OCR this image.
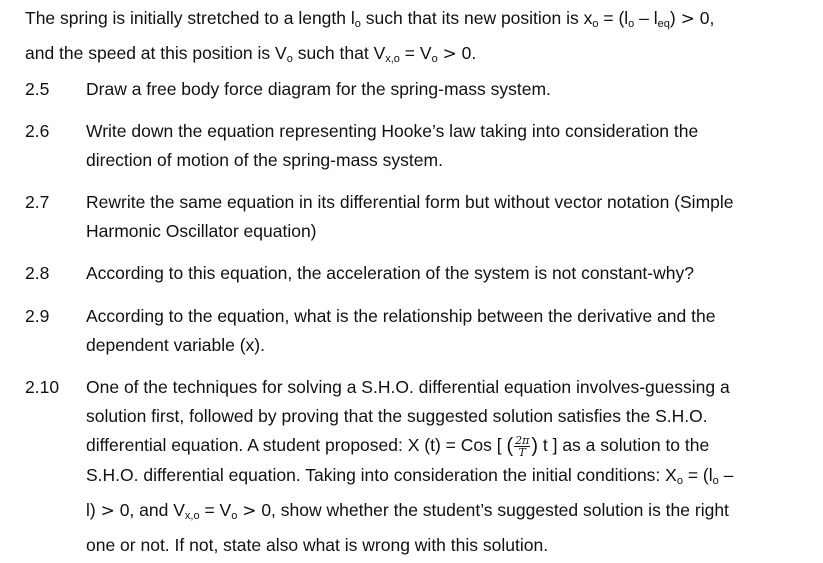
The spring is initially stretched to a length $l_o$ such that its new position is $x_o = (l_o - l_{eq}) > 0$,
and the speed at this position is $V_o$ such that $V_{x,o} = V_o > 0$.
2.5	Draw a free body force diagram for the spring-mass system.
2.6	Write down the equation representing Hooke’s law taking into consideration the
direction of motion of the spring-mass system.
2.7	Rewrite the same equation in its differential form but without vector notation (Simple
Harmonic Oscillator equation)
2.8	According to this equation, the acceleration of the system is not constant-why?
2.9	According to the equation, what is the relationship between the derivative and the
dependent variable (x).
2.10	One of the techniques for solving a S.H.O. differential equation involves-guessing a
solution first, followed by proving that the suggested solution satisfies the S.H.O.
differential equation. A student proposed: X (t) = Cos [ ( $\frac{2\pi}{T}$ ) t ] as a solution to the
S.H.O. differential equation. Taking into consideration the initial conditions: $X_o = (l_o$ –
l) > 0, and $V_{x,o} = V_o > 0$, show whether the student’s suggested solution is the right
one or not. If not, state also what is wrong with this solution.
